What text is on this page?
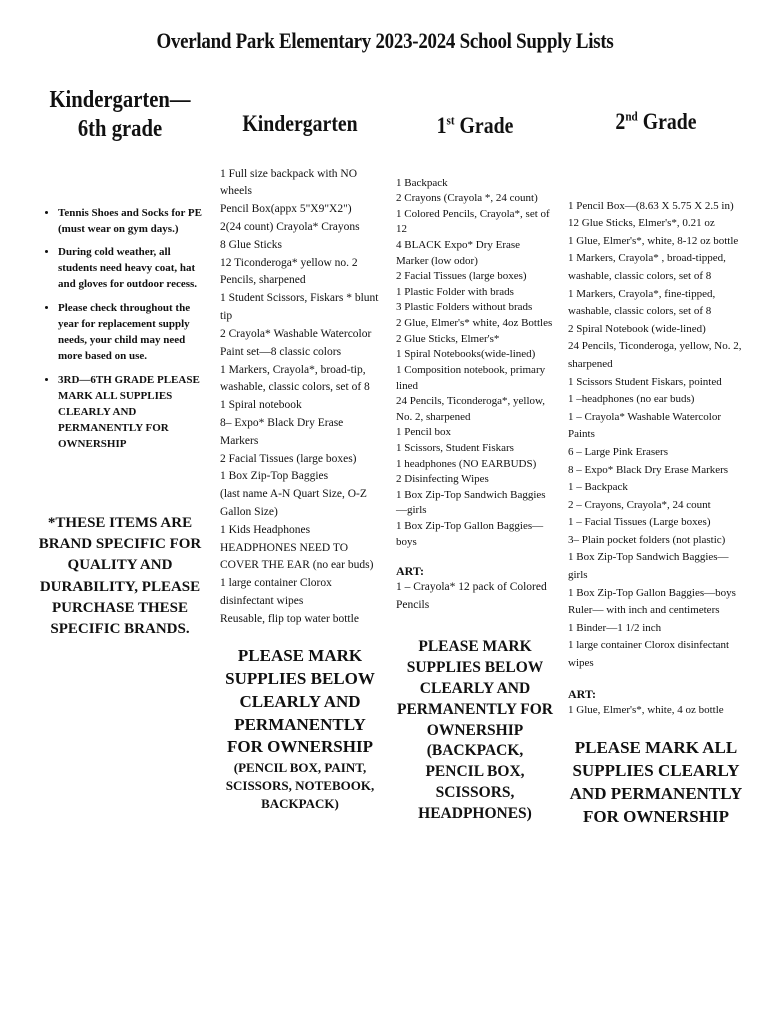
Overland Park Elementary 2023-2024 School Supply Lists
Kindergarten—6th grade
• Tennis Shoes and Socks for PE (must wear on gym days.)
• During cold weather, all students need heavy coat, hat and gloves for outdoor recess.
• Please check throughout the year for replacement supply needs, your child may need more based on use.
• 3RD—6TH GRADE PLEASE MARK ALL SUPPLIES CLEARLY AND PERMANENTLY FOR OWNERSHIP
*THESE ITEMS ARE BRAND SPECIFIC FOR QUALITY AND DURABILITY, PLEASE PURCHASE THESE SPECIFIC BRANDS.
Kindergarten

1 Full size backpack with NO wheels

Pencil Box(appx 5"X9"X2")

2(24 count) Crayola* Crayons

8 Glue Sticks

12 Ticonderoga* yellow no. 2 Pencils, sharpened

1 Student Scissors, Fiskars * blunt tip

2 Crayola* Washable Watercolor Paint set—8 classic colors

1 Markers, Crayola*, broad-tip, washable, classic colors, set of 8

1 Spiral notebook

8– Expo* Black Dry Erase Markers

2 Facial Tissues (large boxes)

1 Box Zip-Top Baggies

(last name A-N Quart Size, O-Z Gallon Size)

1 Kids Headphones HEADPHONES NEED TO COVER THE EAR (no ear buds)

1 large container Clorox disinfectant wipes

Reusable, flip top water bottle

PLEASE MARK SUPPLIES BELOW CLEARLY AND PERMANENTLY FOR OWNERSHIP
(PENCIL BOX, PAINT, SCISSORS, NOTEBOOK, BACKPACK)
1st Grade

1 Backpack

2 Crayons (Crayola *, 24 count)

1 Colored Pencils, Crayola*, set of 12

4 BLACK Expo* Dry Erase Marker (low odor)

2 Facial Tissues (large boxes)

1 Plastic Folder with brads

3 Plastic Folders without brads

2 Glue, Elmer's* white, 4oz Bottles

2 Glue Sticks, Elmer's*

1 Spiral Notebooks(wide-lined)

1 Composition notebook, primary lined

24 Pencils, Ticonderoga*, yellow, No. 2, sharpened

1 Pencil box

1 Scissors, Student Fiskars

1 headphones (NO EARBUDS)

2 Disinfecting Wipes

1 Box Zip-Top Sandwich Baggies—girls

1 Box Zip-Top Gallon Baggies—boys

ART:

1 – Crayola* 12 pack of Colored Pencils

PLEASE MARK SUPPLIES BELOW CLEARLY AND PERMANENTLY FOR OWNERSHIP (BACKPACK, PENCIL BOX, SCISSORS, HEADPHONES)
2nd Grade

1 Pencil Box—(8.63 X 5.75 X 2.5 in)

12 Glue Sticks, Elmer's*, 0.21 oz

1 Glue, Elmer's*, white, 8-12 oz bottle

1 Markers, Crayola* , broad-tipped, washable, classic colors, set of 8

1 Markers, Crayola*, fine-tipped, washable, classic colors, set of 8

2 Spiral Notebook (wide-lined)

24 Pencils, Ticonderoga, yellow, No. 2, sharpened

1 Scissors Student Fiskars, pointed

1 –headphones (no ear buds)

1 – Crayola* Washable Watercolor Paints

6 – Large Pink Erasers

8 – Expo* Black Dry Erase Markers

1 – Backpack

2 – Crayons, Crayola*, 24 count

1 – Facial Tissues (Large boxes)

3– Plain pocket folders (not plastic)

1 Box Zip-Top Sandwich Baggies—girls

1 Box Zip-Top Gallon Baggies—boys

Ruler— with inch and centimeters

1 Binder—1 1/2 inch

1 large container Clorox disinfectant wipes

ART:

1 Glue, Elmer's*, white, 4 oz bottle

PLEASE MARK ALL SUPPLIES CLEARLY AND PERMANENTLY FOR OWNERSHIP
